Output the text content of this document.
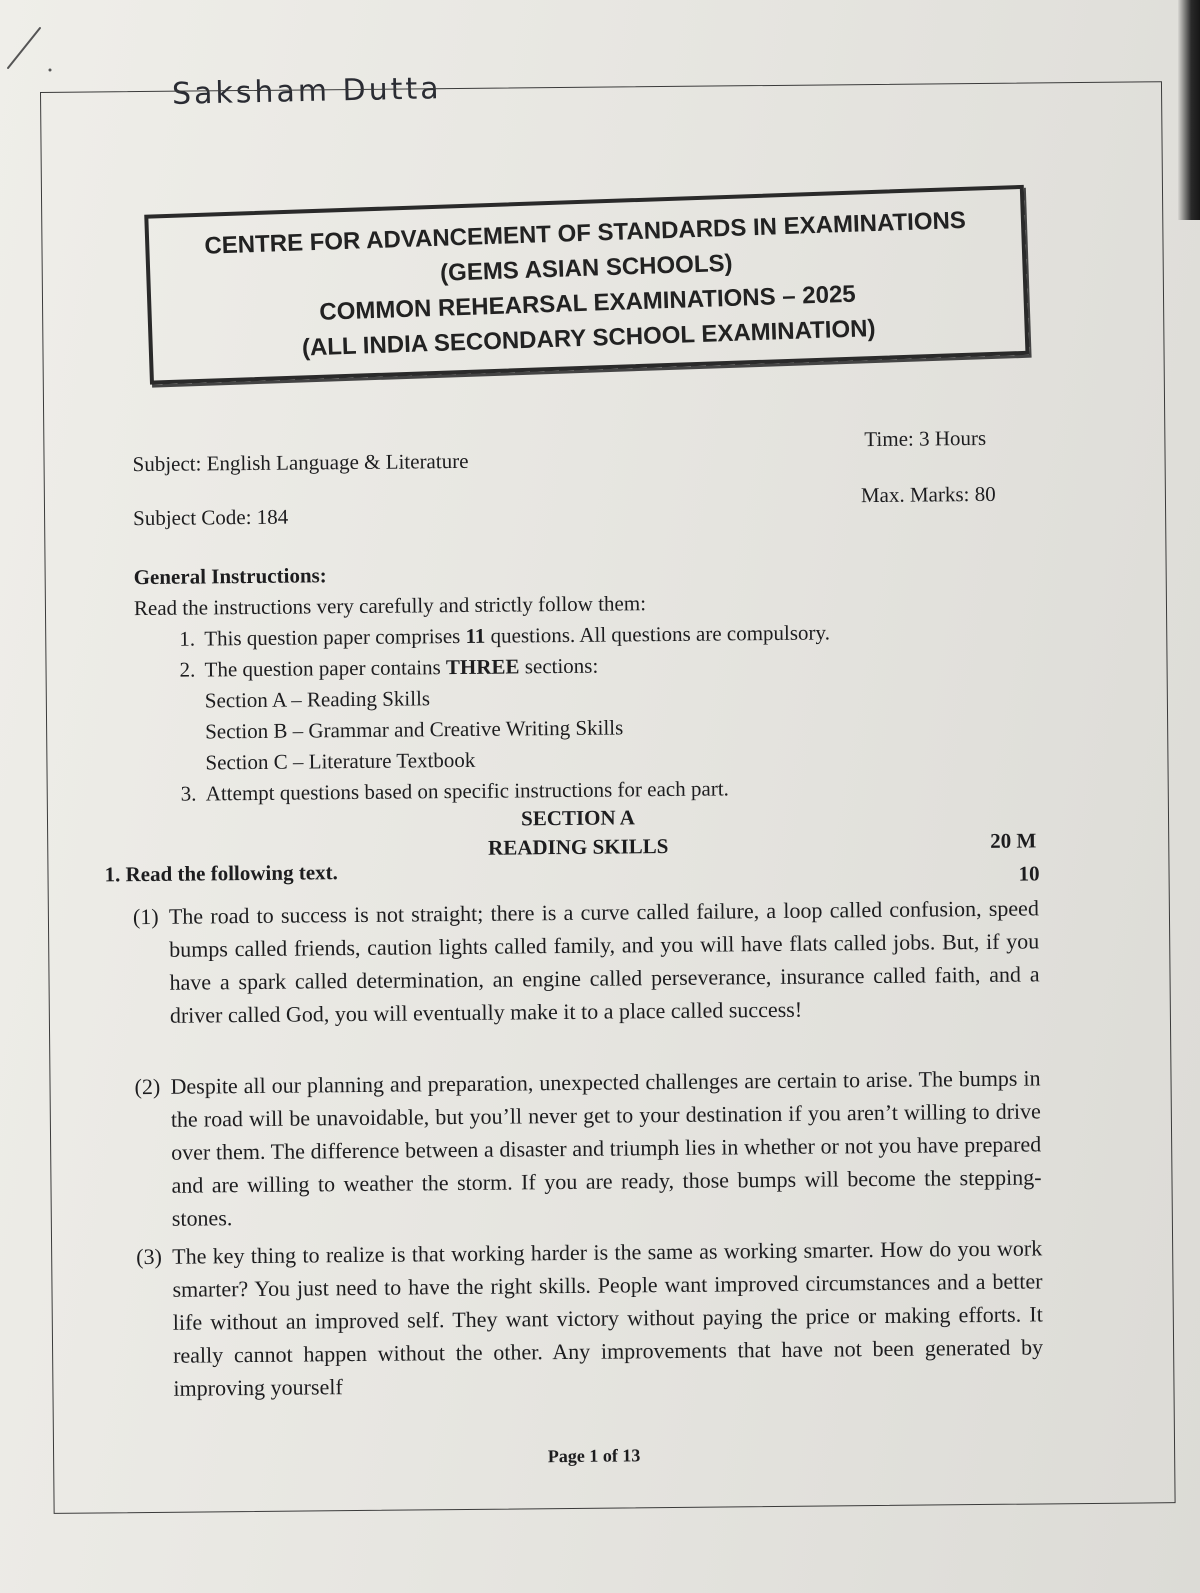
Saksham Dutta
CENTRE FOR ADVANCEMENT OF STANDARDS IN EXAMINATIONS
(GEMS ASIAN SCHOOLS)
COMMON REHEARSAL EXAMINATIONS – 2025
(ALL INDIA SECONDARY SCHOOL EXAMINATION)
Subject: English Language & Literature
Subject Code: 184
Time: 3 Hours
Max. Marks: 80
General Instructions:
Read the instructions very carefully and strictly follow them:
1. This question paper comprises 11 questions. All questions are compulsory.
2. The question paper contains THREE sections:
Section A – Reading Skills
Section B – Grammar and Creative Writing Skills
Section C – Literature Textbook
3. Attempt questions based on specific instructions for each part.
SECTION A
READING SKILLS	20 M
1. Read the following text.	10
(1) The road to success is not straight; there is a curve called failure, a loop called confusion, speed bumps called friends, caution lights called family, and you will have flats called jobs. But, if you have a spark called determination, an engine called perseverance, insurance called faith, and a driver called God, you will eventually make it to a place called success!
(2) Despite all our planning and preparation, unexpected challenges are certain to arise. The bumps in the road will be unavoidable, but you’ll never get to your destination if you aren’t willing to drive over them. The difference between a disaster and triumph lies in whether or not you have prepared and are willing to weather the storm. If you are ready, those bumps will become the stepping-stones.
(3) The key thing to realize is that working harder is the same as working smarter. How do you work smarter? You just need to have the right skills. People want improved circumstances and a better life without an improved self. They want victory without paying the price or making efforts. It really cannot happen without the other. Any improvements that have not been generated by improving yourself
Page 1 of 13
